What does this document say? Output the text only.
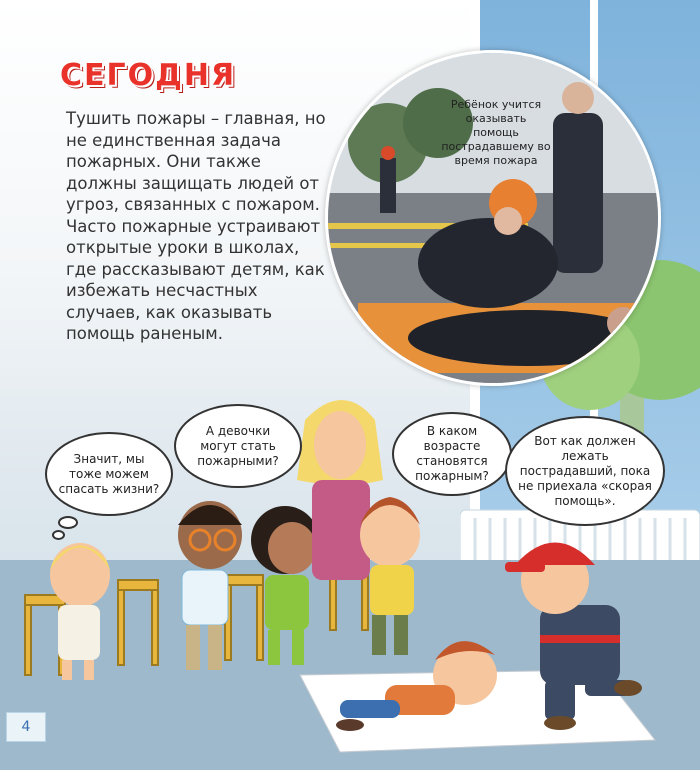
СЕГОДНЯ

Тушить пожары – главная, но не единственная задача пожарных. Они также должны защищать людей от угроз, связанных с пожаром. Часто пожарные устраивают открытые уроки в школах, где рассказывают детям, как избежать несчастных случаев, как оказывать помощь раненым.

Ребёнок учится оказывать помощь пострадавшему во время пожара
Значит, мы тоже можем спасать жизни?
А девочки могут стать пожарными?
В каком возрасте становятся пожарным?
Вот как должен лежать пострадавший, пока не приехала «скорая помощь».
4
